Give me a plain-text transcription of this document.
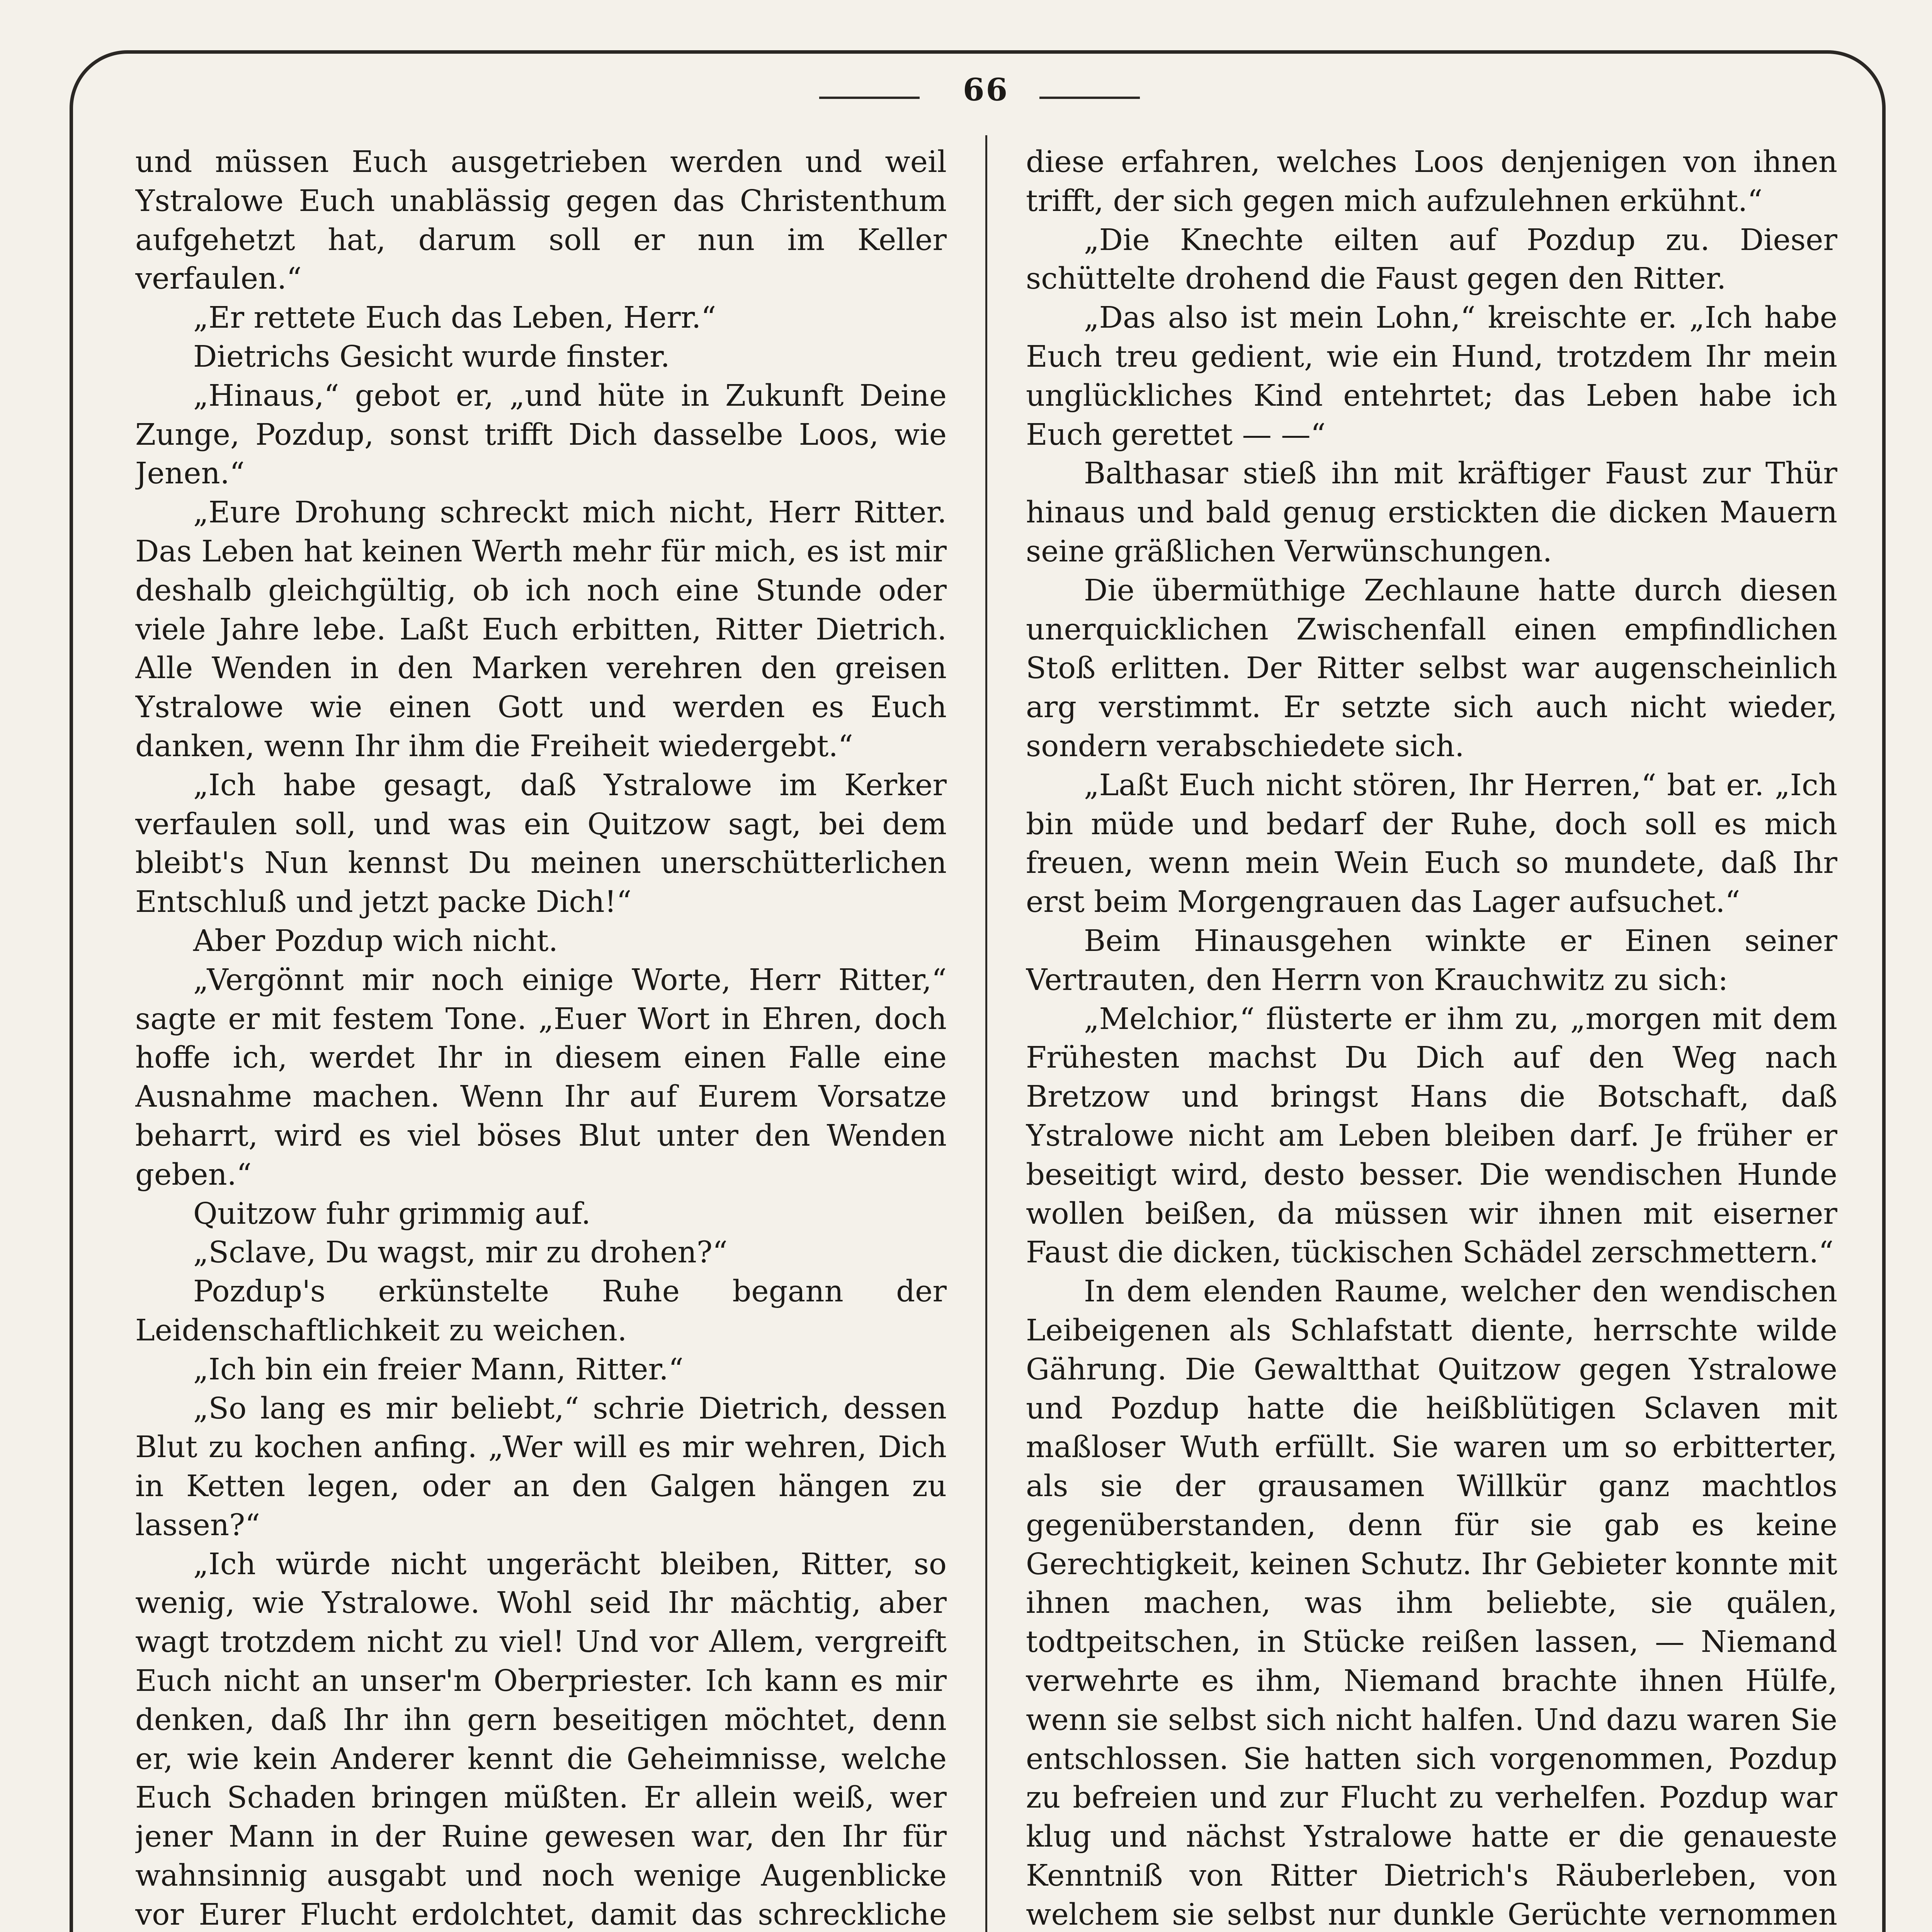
66

und müssen Euch ausgetrieben werden und weil Ystralowe Euch unablässig gegen das Christenthum aufgehetzt hat, darum soll er nun im Keller verfaulen.“

„Er rettete Euch das Leben, Herr.“

Dietrichs Gesicht wurde finster.

„Hinaus,“ gebot er, „und hüte in Zukunft Deine Zunge, Pozdup, sonst trifft Dich dasselbe Loos, wie Jenen.“

„Eure Drohung schreckt mich nicht, Herr Ritter. Das Leben hat keinen Werth mehr für mich, es ist mir deshalb gleichgültig, ob ich noch eine Stunde oder viele Jahre lebe. Laßt Euch erbitten, Ritter Dietrich. Alle Wenden in den Marken verehren den greisen Ystralowe wie einen Gott und werden es Euch danken, wenn Ihr ihm die Freiheit wiedergebt.“

„Ich habe gesagt, daß Ystralowe im Kerker verfaulen soll, und was ein Quitzow sagt, bei dem bleibt's Nun kennst Du meinen unerschütterlichen Entschluß und jetzt packe Dich!“

Aber Pozdup wich nicht.

„Vergönnt mir noch einige Worte, Herr Ritter,“ sagte er mit festem Tone. „Euer Wort in Ehren, doch hoffe ich, werdet Ihr in diesem einen Falle eine Ausnahme machen. Wenn Ihr auf Eurem Vorsatze beharrt, wird es viel böses Blut unter den Wenden geben.“

Quitzow fuhr grimmig auf.

„Sclave, Du wagst, mir zu drohen?“

Pozdup's erkünstelte Ruhe begann der Leidenschaftlichkeit zu weichen.

„Ich bin ein freier Mann, Ritter.“

„So lang es mir beliebt,“ schrie Dietrich, dessen Blut zu kochen anfing. „Wer will es mir wehren, Dich in Ketten legen, oder an den Galgen hängen zu lassen?“

„Ich würde nicht ungerächt bleiben, Ritter, so wenig, wie Ystralowe. Wohl seid Ihr mächtig, aber wagt trotzdem nicht zu viel! Und vor Allem, vergreift Euch nicht an unser'm Oberpriester. Ich kann es mir denken, daß Ihr ihn gern beseitigen möchtet, denn er, wie kein Anderer kennt die Geheimnisse, welche Euch Schaden bringen müßten. Er allein weiß, wer jener Mann in der Ruine gewesen war, den Ihr für wahnsinnig ausgabt und noch wenige Augenblicke vor Eurer Flucht erdolchtet, damit das schreckliche

diese erfahren, welches Loos denjenigen von ihnen trifft, der sich gegen mich aufzulehnen erkühnt.“

„Die Knechte eilten auf Pozdup zu. Dieser schüttelte drohend die Faust gegen den Ritter.

„Das also ist mein Lohn,“ kreischte er. „Ich habe Euch treu gedient, wie ein Hund, trotzdem Ihr mein unglückliches Kind entehrtet; das Leben habe ich Euch gerettet — —“

Balthasar stieß ihn mit kräftiger Faust zur Thür hinaus und bald genug erstickten die dicken Mauern seine gräßlichen Verwünschungen.

Die übermüthige Zechlaune hatte durch diesen unerquicklichen Zwischenfall einen empfindlichen Stoß erlitten. Der Ritter selbst war augenscheinlich arg verstimmt. Er setzte sich auch nicht wieder, sondern verabschiedete sich.

„Laßt Euch nicht stören, Ihr Herren,“ bat er. „Ich bin müde und bedarf der Ruhe, doch soll es mich freuen, wenn mein Wein Euch so mundete, daß Ihr erst beim Morgengrauen das Lager aufsuchet.“

Beim Hinausgehen winkte er Einen seiner Vertrauten, den Herrn von Krauchwitz zu sich:

„Melchior,“ flüsterte er ihm zu, „morgen mit dem Frühesten machst Du Dich auf den Weg nach Bretzow und bringst Hans die Botschaft, daß Ystralowe nicht am Leben bleiben darf. Je früher er beseitigt wird, desto besser. Die wendischen Hunde wollen beißen, da müssen wir ihnen mit eiserner Faust die dicken, tückischen Schädel zerschmettern.“

In dem elenden Raume, welcher den wendischen Leibeigenen als Schlafstatt diente, herrschte wilde Gährung. Die Gewaltthat Quitzow gegen Ystralowe und Pozdup hatte die heißblütigen Sclaven mit maßloser Wuth erfüllt. Sie waren um so erbitterter, als sie der grausamen Willkür ganz machtlos gegenüberstanden, denn für sie gab es keine Gerechtigkeit, keinen Schutz. Ihr Gebieter konnte mit ihnen machen, was ihm beliebte, sie quälen, todtpeitschen, in Stücke reißen lassen, — Niemand verwehrte es ihm, Niemand brachte ihnen Hülfe, wenn sie selbst sich nicht halfen. Und dazu waren Sie entschlossen. Sie hatten sich vorgenommen, Pozdup zu befreien und zur Flucht zu verhelfen. Pozdup war klug und nächst Ystralowe hatte er die genaueste Kenntniß von Ritter Dietrich's Räuberleben, von welchem sie selbst nur dunkle Gerüchte vernommen
